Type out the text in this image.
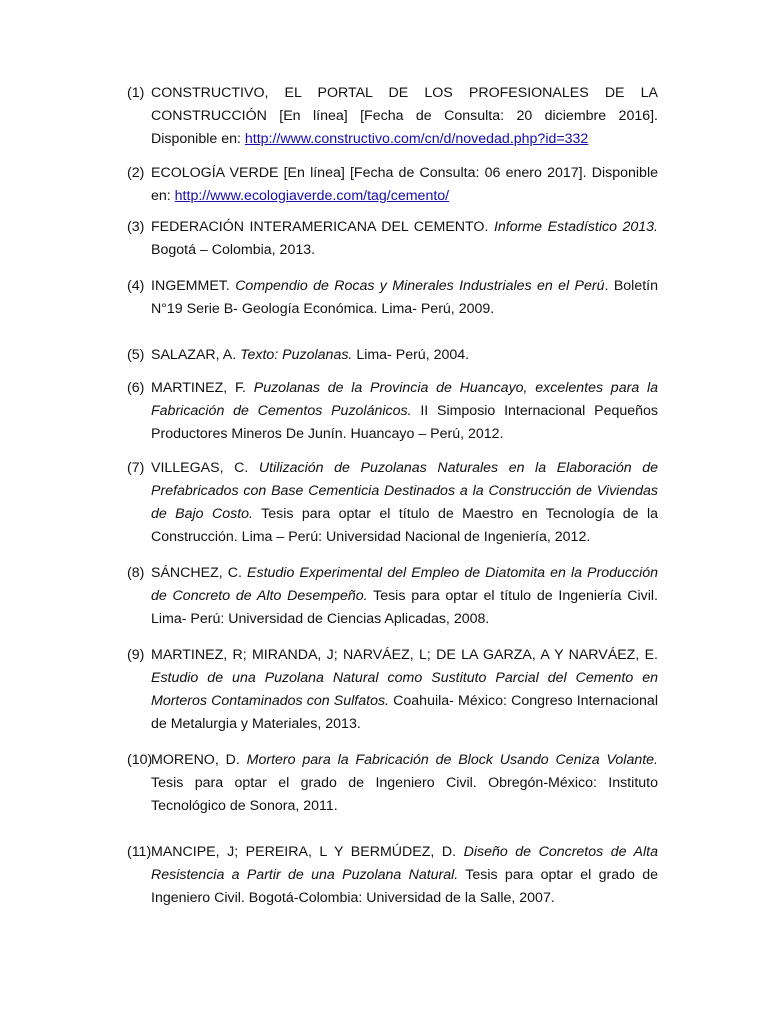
(1) CONSTRUCTIVO, EL PORTAL DE LOS PROFESIONALES DE LA CONSTRUCCIÓN [En línea] [Fecha de Consulta: 20 diciembre 2016]. Disponible en: http://www.constructivo.com/cn/d/novedad.php?id=332
(2) ECOLOGÍA VERDE [En línea] [Fecha de Consulta: 06 enero 2017]. Disponible en: http://www.ecologiaverde.com/tag/cemento/
(3) FEDERACIÓN INTERAMERICANA DEL CEMENTO. Informe Estadístico 2013. Bogotá – Colombia, 2013.
(4) INGEMMET. Compendio de Rocas y Minerales Industriales en el Perú. Boletín N°19 Serie B- Geología Económica. Lima- Perú, 2009.
(5) SALAZAR, A. Texto: Puzolanas. Lima- Perú, 2004.
(6) MARTINEZ, F. Puzolanas de la Provincia de Huancayo, excelentes para la Fabricación de Cementos Puzolánicos. II Simposio Internacional Pequeños Productores Mineros De Junín. Huancayo – Perú, 2012.
(7) VILLEGAS, C. Utilización de Puzolanas Naturales en la Elaboración de Prefabricados con Base Cementicia Destinados a la Construcción de Viviendas de Bajo Costo. Tesis para optar el título de Maestro en Tecnología de la Construcción. Lima – Perú: Universidad Nacional de Ingeniería, 2012.
(8) SÁNCHEZ, C. Estudio Experimental del Empleo de Diatomita en la Producción de Concreto de Alto Desempeño. Tesis para optar el título de Ingeniería Civil. Lima- Perú: Universidad de Ciencias Aplicadas, 2008.
(9) MARTINEZ, R; MIRANDA, J; NARVÁEZ, L; DE LA GARZA, A Y NARVÁEZ, E. Estudio de una Puzolana Natural como Sustituto Parcial del Cemento en Morteros Contaminados con Sulfatos. Coahuila- México: Congreso Internacional de Metalurgia y Materiales, 2013.
(10)
MORENO, D. Mortero para la Fabricación de Block Usando Ceniza Volante. Tesis para optar el grado de Ingeniero Civil. Obregón-México: Instituto Tecnológico de Sonora, 2011.
(11) MANCIPE, J; PEREIRA, L Y BERMÚDEZ, D. Diseño de Concretos de Alta Resistencia a Partir de una Puzolana Natural. Tesis para optar el grado de Ingeniero Civil. Bogotá-Colombia: Universidad de la Salle, 2007.
